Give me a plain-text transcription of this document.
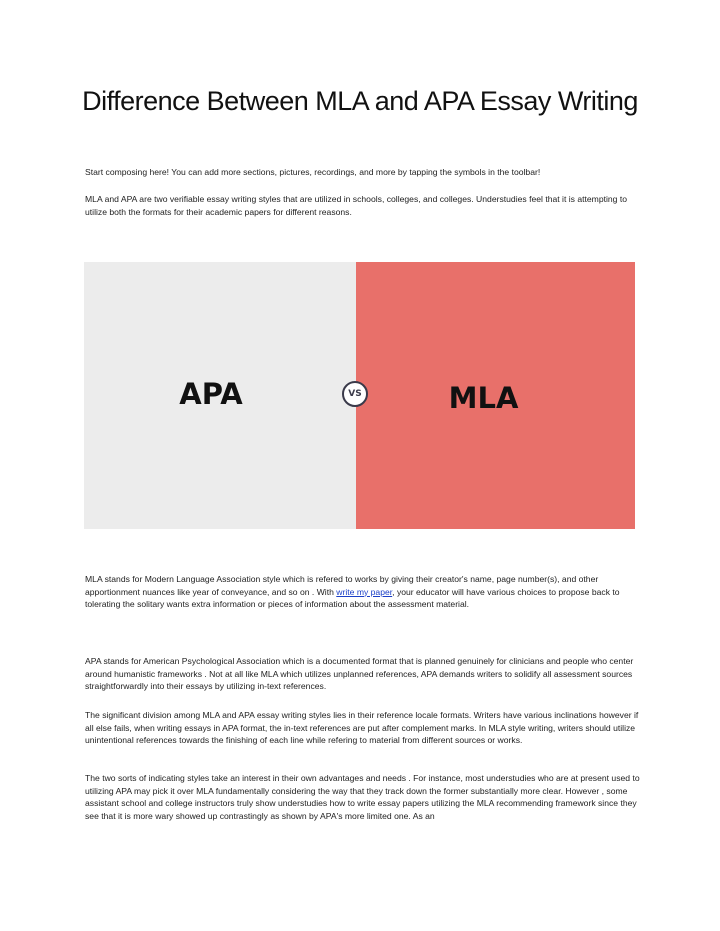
Difference Between MLA and APA Essay Writing

Start composing here! You can add more sections, pictures, recordings, and more by tapping the symbols in the toolbar!

MLA and APA are two verifiable essay writing styles that are utilized in schools, colleges, and colleges. Understudies feel that it is attempting to utilize both the formats for their academic papers for different reasons.

APA	MLA
VS

MLA stands for Modern Language Association style which is refered to works by giving their creator's name, page number(s), and other apportionment nuances like year of conveyance, and so on . With write my paper, your educator will have various choices to propose back to tolerating the solitary wants extra information or pieces of information about the assessment material.

APA stands for American Psychological Association which is a documented format that is planned genuinely for clinicians and people who center around humanistic frameworks . Not at all like MLA which utilizes unplanned references, APA demands writers to solidify all assessment sources straightforwardly into their essays by utilizing in-text references.

The significant division among MLA and APA essay writing styles lies in their reference locale formats. Writers have various inclinations however if all else fails, when writing essays in APA format, the in-text references are put after complement marks. In MLA style writing, writers should utilize unintentional references towards the finishing of each line while refering to material from different sources or works.

The two sorts of indicating styles take an interest in their own advantages and needs . For instance, most understudies who are at present used to utilizing APA may pick it over MLA fundamentally considering the way that they track down the former substantially more clear. However , some assistant school and college instructors truly show understudies how to write essay papers utilizing the MLA recommending framework since they see that it is more wary showed up contrastingly as shown by APA's more limited one. As an
